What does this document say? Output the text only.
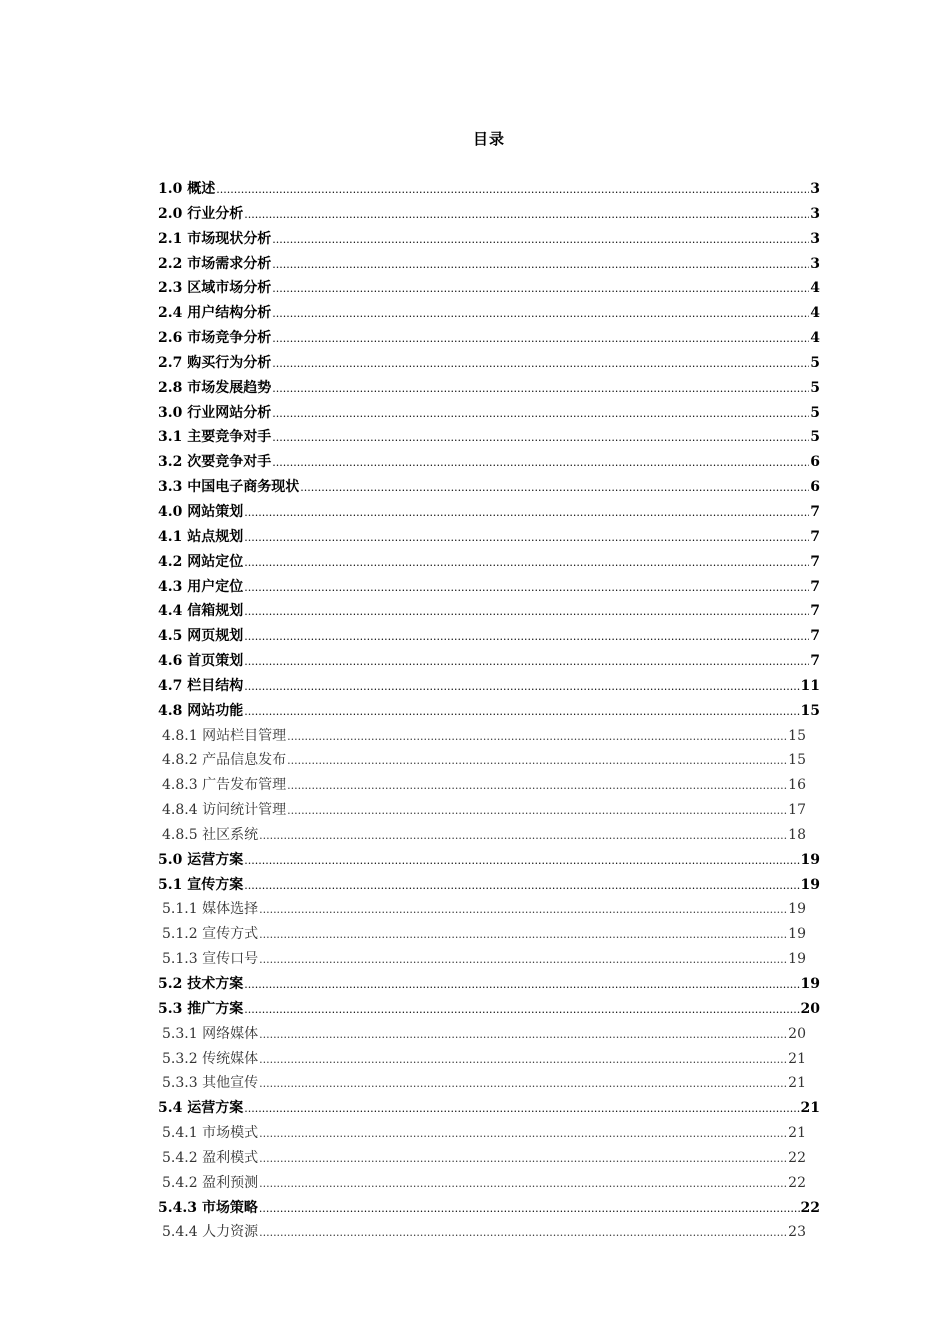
目录
1.0 概述 .....	3
2.0 行业分析 .....	3
2.1 市场现状分析 .....	3
2.2 市场需求分析 .....	3
2.3 区域市场分析 .....	4
2.4 用户结构分析 .....	4
2.6 市场竞争分析 .....	4
2.7 购买行为分析 .....	5
2.8 市场发展趋势 .....	5
3.0 行业网站分析 .....	5
3.1 主要竞争对手 .....	5
3.2 次要竞争对手 .....	6
3.3 中国电子商务现状 .....	6
4.0 网站策划 .....	7
4.1 站点规划 .....	7
4.2 网站定位 .....	7
4.3 用户定位 .....	7
4.4 信箱规划 .....	7
4.5 网页规划 .....	7
4.6 首页策划 .....	7
4.7 栏目结构 .....	11
4.8 网站功能 .....	15
4.8.1 网站栏目管理 .....	15
4.8.2 产品信息发布 .....	15
4.8.3 广告发布管理 .....	16
4.8.4 访问统计管理 .....	17
4.8.5 社区系统 .....	18
5.0 运营方案 .....	19
5.1 宣传方案 .....	19
5.1.1 媒体选择 .....	19
5.1.2 宣传方式 .....	19
5.1.3 宣传口号 .....	19
5.2 技术方案 .....	19
5.3 推广方案 .....	20
5.3.1 网络媒体 .....	20
5.3.2 传统媒体 .....	21
5.3.3 其他宣传 .....	21
5.4 运营方案 .....	21
5.4.1 市场模式 .....	21
5.4.2 盈利模式 .....	22
5.4.2 盈利预测 .....	22
5.4.3 市场策略 .....	22
5.4.4 人力资源 .....	23
